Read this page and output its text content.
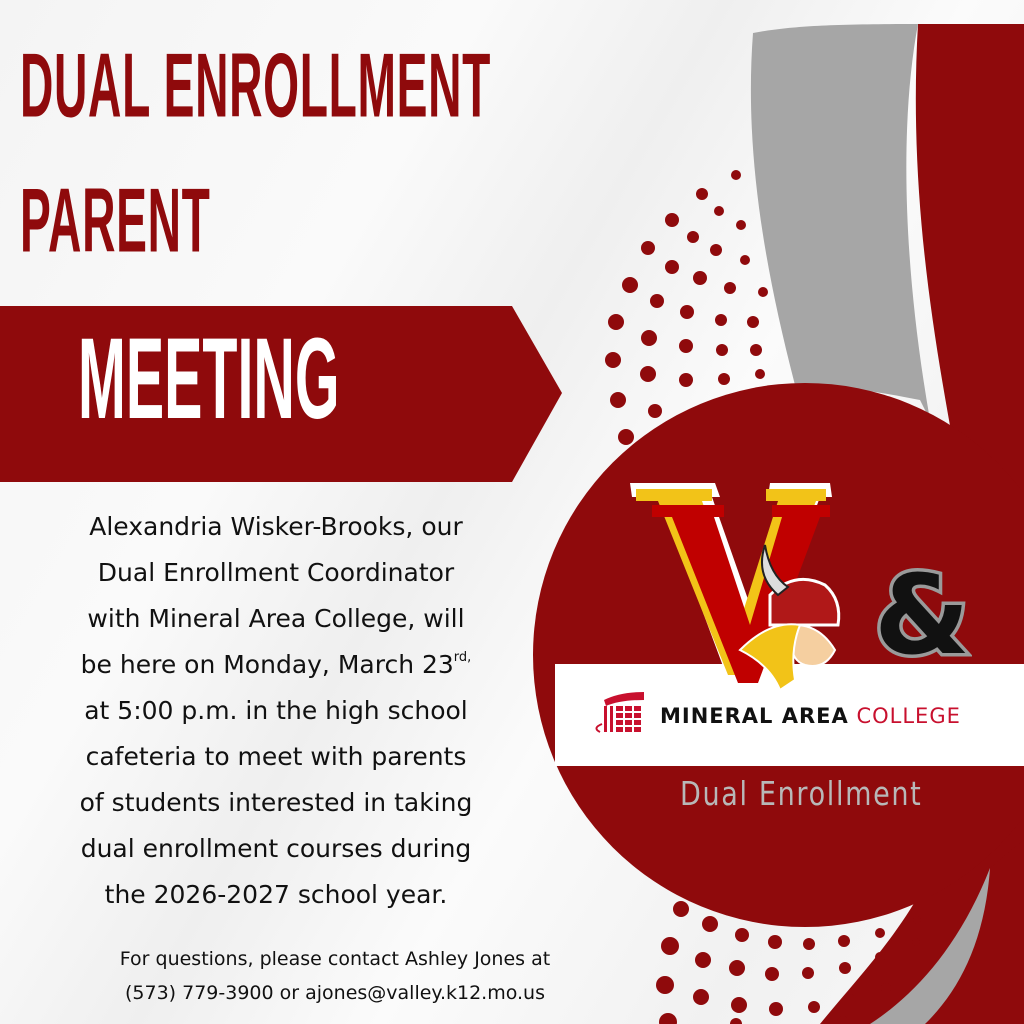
DUAL ENROLLMENT
PARENT
MEETING
Alexandria Wisker-Brooks, our
Dual Enrollment Coordinator
with Mineral Area College, will
be here on Monday, March $23^{rd,}$
at 5:00 p.m. in the high school
cafeteria to meet with parents
of students interested in taking
dual enrollment courses during
the 2026-2027 school year.
For questions, please contact Ashley Jones at
(573) 779-3900 or ajones@valley.k12.mo.us
MINERAL AREA COLLEGE
Dual Enrollment
&
